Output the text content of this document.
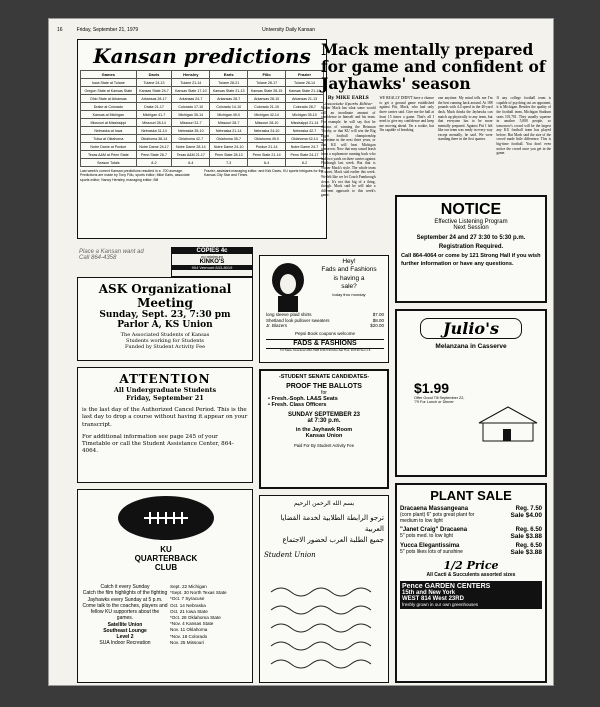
16	Friday, September 21, 1979	University Daily Kansan
Kansan predictions
Games	Davis	Hensley	Earls	Fillo	Frazier
Iowa State at Tulane	Tulane 24-13	Tulane 21-14	Tulane 28-21	Tulane 28-17	Tulane 28-14
Oregon State at Kansas State	Kansas State 24-7	Kansas State 17-10	Kansas State 21-13	Kansas State 28-15	Kansas State 21-14
Ohio State at Arkansas	Arkansas 28-17	Arkansas 24-7	Arkansas 28-7	Arkansas 28-10	Arkansas 21-13
Drake at Colorado	Drake 21-17	Colorado 17-10	Colorado 14-10	Colorado 21-10	Colorado 28-7
Kansas at Michigan	Michigan 41-7	Michigan 35-14	Michigan 49-0	Michigan 42-14	Michigan 35-10
Missouri at Mississippi	Missouri 28-14	Missouri 31-7	Missouri 28-7	Missouri 28-10	Mississippi 21-14
Nebraska at Iowa	Nebraska 31-14	Nebraska 35-10	Nebraska 21-14	Nebraska 24-10	Nebraska 42-7
Tulsa at Oklahoma	Oklahoma 38-14	Oklahoma 42-7	Oklahoma 35-7	Oklahoma 49-0	Oklahoma 42-14
Notre Dame at Purdue	Notre Dame 24-17	Notre Dame 28-14	Notre Dame 24-10	Purdue 21-14	Notre Dame 24-7
Texas A&M at Penn State	Penn State 28-7	Texas A&M 21-17	Penn State 28-13	Penn State 21-14	Penn State 24-17
Season Totals	8-2	6-4	7-3	6-4	8-2
Last week's correct Kansan predictions resulted in a .700 average. Predictions are made by Tony Fillo, sports editor; Mike Earls, associate sports editor; Nancy Hensley, managing editor; Bill
Frazier, assistant managing editor; and Kirk Davis, KU sports intrigues for the Kansas City Star and Times.
Mack mentally prepared for game and confident of Jayhawks' season
By MIKE EARLS
Associate Sports Editor
Walter Mack has what some would call an inordinate amount of confidence in himself and his team. For example, he will say that he dreams of winning the Heisman Trophy, or that KU will win the Big Eight football championship sometime in the next three years, or that KU will beat Michigan tomorrow. Now that may sound brash from a sophomore running back who had two yards on three carries against Pittsburgh last week. But that is Walter Mack's style. The whole team is upset, Mack said earlier this week. We felt like we let Coach Fambrough down. It's not that big of a thing, though. Mack said he will take a different approach to this week's game.
WE REALLY DIDN'T have a chance to get a ground game established against Pitt, Mack, who had only three carries said. Give me the ball at least 15 times a game. That's all I need to give my confidence and keep me moving ahead. I'm a rookie, but I'm capable of breaking
one anytime. My mind tells me I'm the best running back around. At 188 pounds with 4.4 speed in the 40-yard dash, Mack thinks the Jayhawks can match up physically to any team, but that everyone has to be more mentally prepared. Against Pitt I felt like our team was ready in every way except mentally, he said. We were standing there in the first quarter.
If any college football team is capable of psyching out an opponent, it is Michigan. Besides the quality of the football team, Michigan Stadium seats 101,701. They usually squeeze in another 5,000 people, so tomorrow's crowd will be the largest any KU football team has played before. But Mack said the size of the crowd made little difference. This is big-time football. You don't even notice the crowd once you get in the game.
NOTICE
Effective Listening Program
Next Session
September 24 and 27 3:30 to 5:30 p.m.
Registration Required.
Call 864-4064 or come by 121 Strong Hall if you wish further information or have any questions.
Place a Kansan want ad
Call 864-4358
COPIES 4c
no minimum
KINKO'S
904 Vermont 843-8019
ASK Organizational Meeting
Sunday, Sept. 23, 7:30 pm
Parlor A, KS Union
The Associated Students of Kansas
Students working for Students
Funded by Student Activity Fee
Hey!
Fads and Fashions
is having a
sale?
today thru monday
long sleeve plaid shirts	$7.00
Shetland look pullover sweaters	$8.00
Jr. Blazers	$20.00
Pepsi Book coupons welcome
FADS & FASHIONS
717 Mass. Downtown 842-7908 9:30-5:30 Mon-Sat Thur. till 8:30 Sun 1-5
ATTENTION
All Undergraduate Students
Friday, September 21
is the last day of the Authorized Cancel Period. This is the last day to drop a course without having it appear on your transcript.
For additional information see page 245 of your Timetable or call the Student Assistance Center, 864-4064.
-STUDENT SENATE CANDIDATES-
PROOF THE BALLOTS
for
• Fresh.-Soph. LA&S Seats
• Fresh. Class Officers
SUNDAY SEPTEMBER 23
at 7:30 p.m.
in the Jayhawk Room
Kansas Union
Paid For By Student Activity Fee
Julio's
Melanzana in Casserve
$1.99
Offer Good Till September 22, '79 For Lunch or Dinner
PLANT SALE
Dracaena Massangeana	Reg. 7.50
(corn plant) 6" pots great plant for medium to low light
Sale $4.00
"Janet Craig" Dracaena	Reg. 6.50
5" pots med. to low light	Sale $3.88
Yucca Elegantissima	Reg. 6.50
5" pots likes lots of sunshine	Sale $3.88
1/2 Price
All Cacti & Succulents assorted sizes
Pence GARDEN CENTERS
15th and New York
WEST 814 West 23RD
freshly grown in our own greenhouses
KU
QUARTERBACK
CLUB
Catch it every Sunday
Catch the film highlights of the fighting Jayhawks every Sunday at 5 p.m. Come talk to the coaches, players and fellow KU supporters about the games.
Satellite Union
Southeast Lounge
Level 2
SUA Indoor Recreation
Sept. 22 Michigan
*Sept. 30 North Texas State
*Oct. 7 Syracuse
Oct. 14 Nebraska
Oct. 21 Iowa State
*Oct. 28 Oklahoma State
*Nov. 4 Kansas State
Nov. 11 Oklahoma
*Nov. 18 Colorado
Nov. 25 Missouri
بسم الله الرحمن الرحيم
ترجو الرابطة الطلابية لخدمة القضايا العربية
جميع الطلبة العرب لحضور الاجتماع
Student Union
